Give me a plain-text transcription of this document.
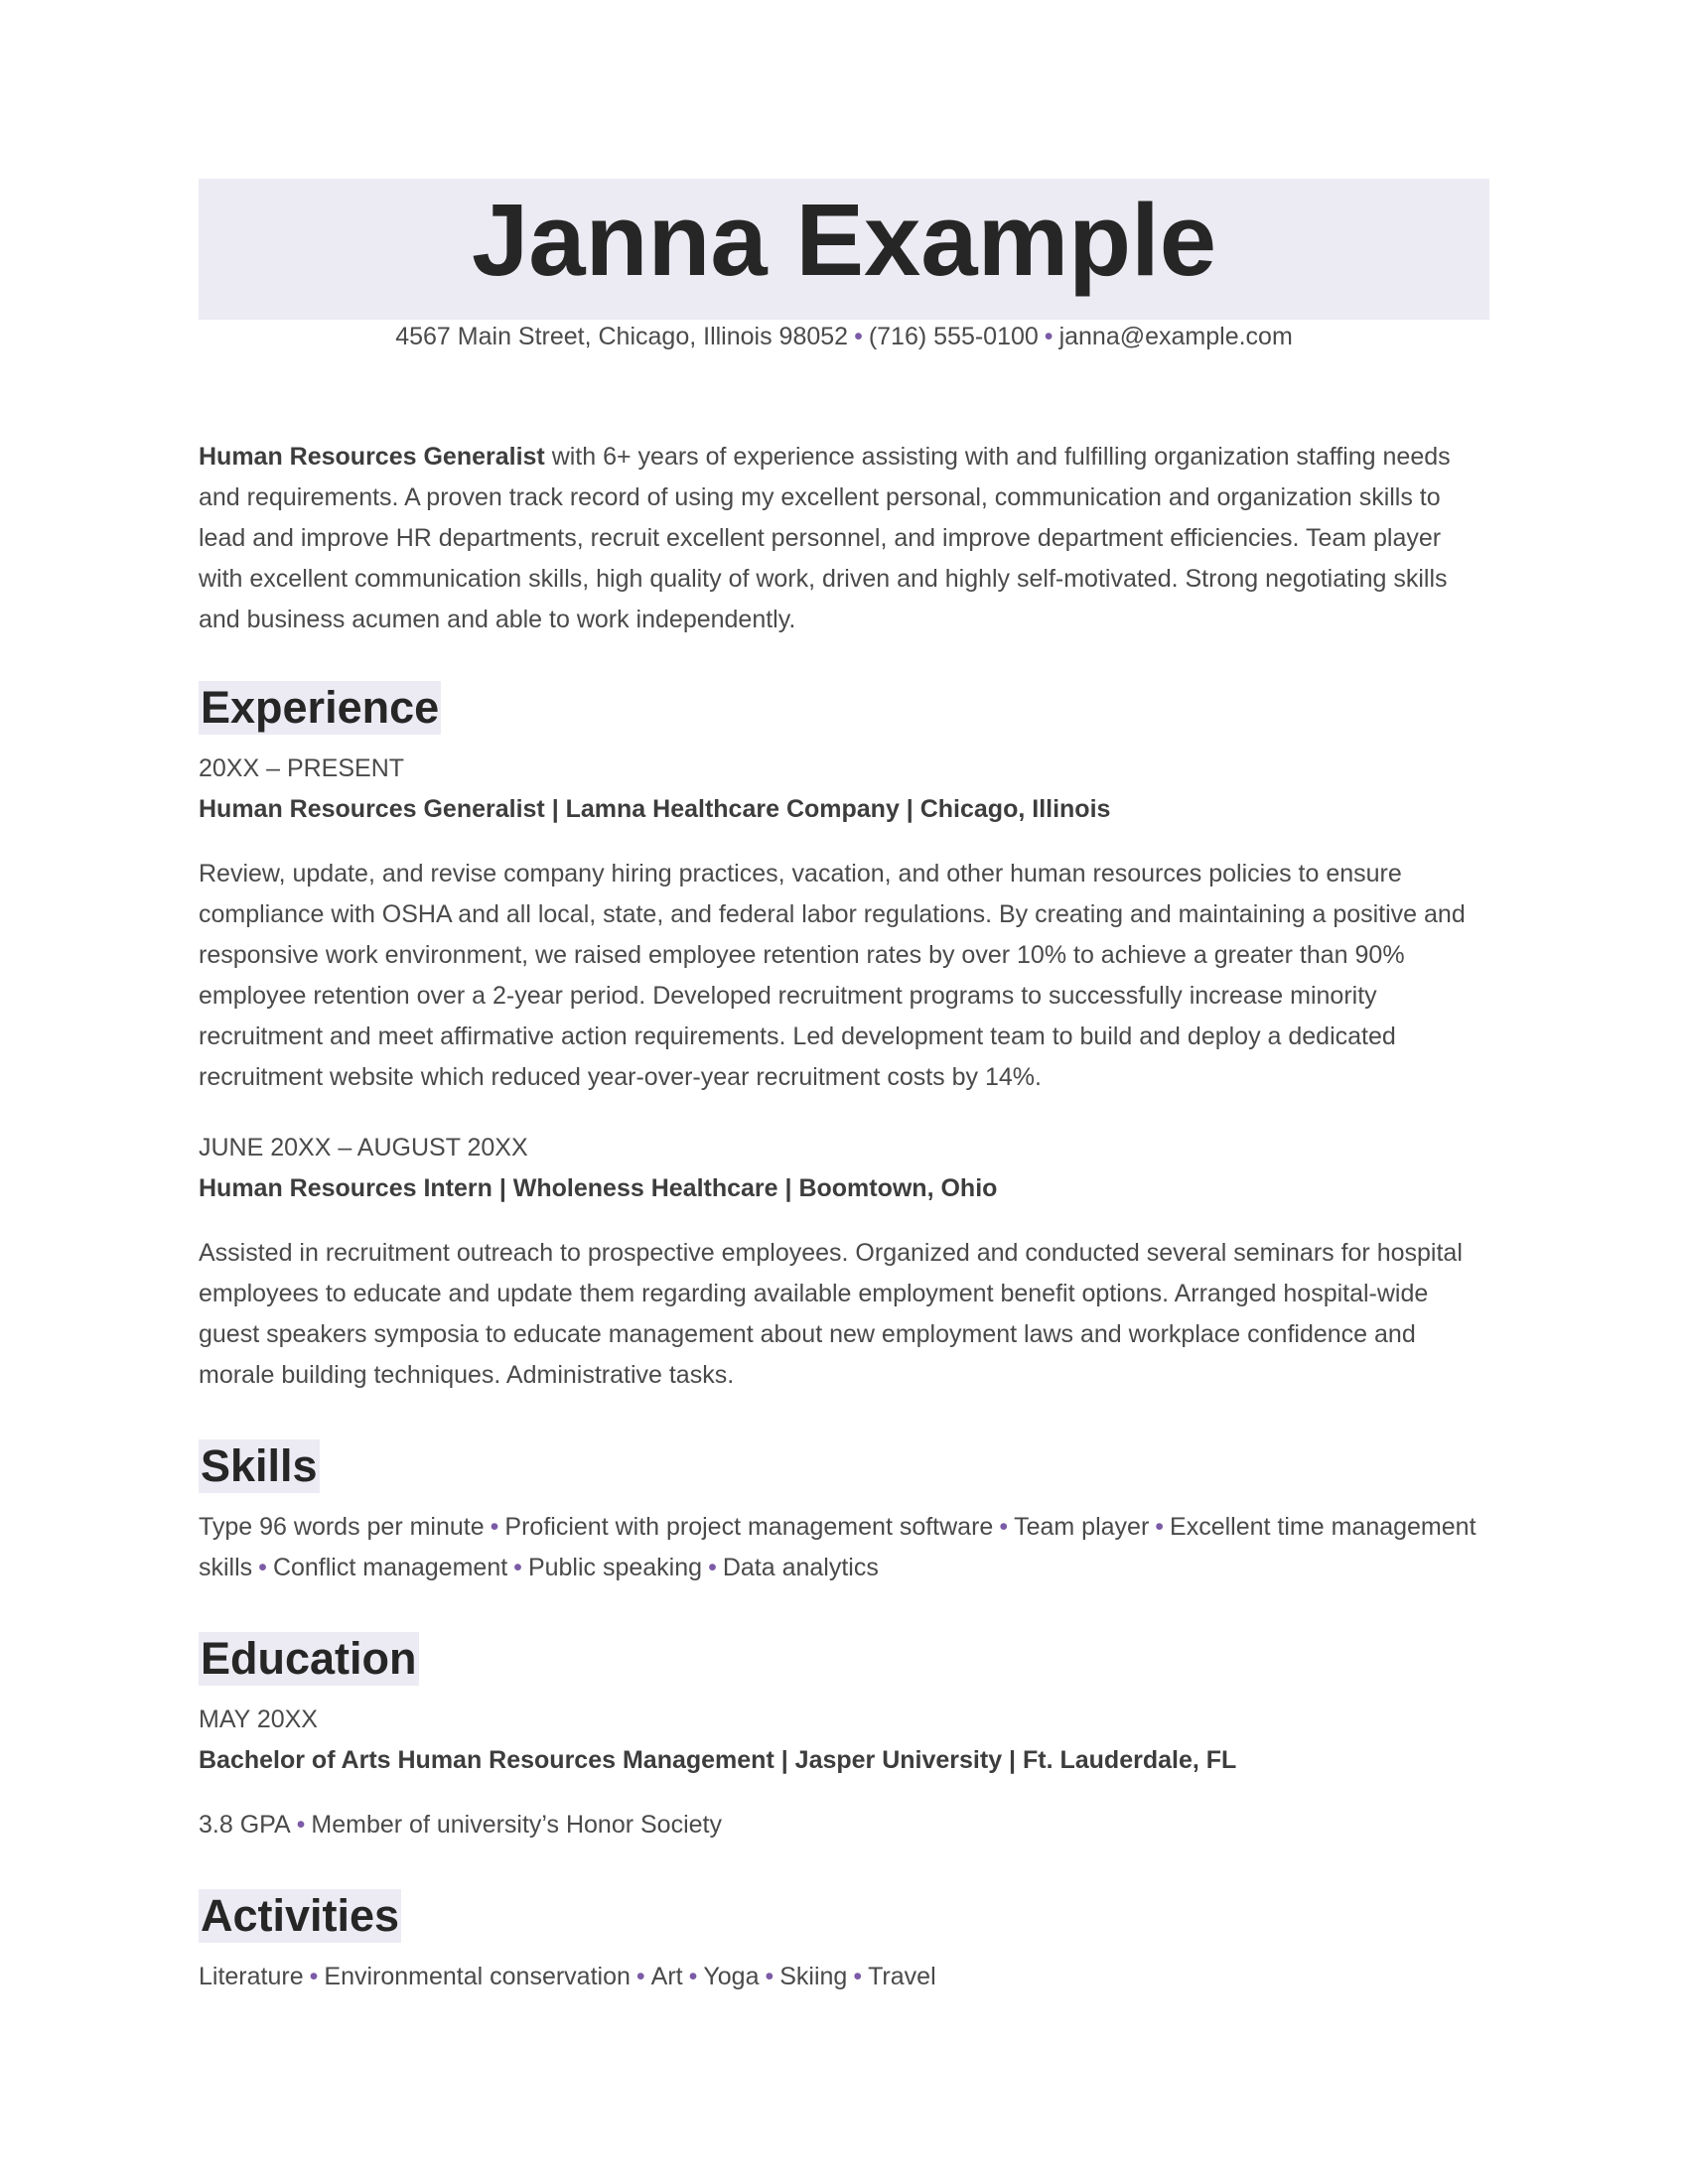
Janna Example
4567 Main Street, Chicago, Illinois 98052 • (716) 555-0100 • janna@example.com
Human Resources Generalist with 6+ years of experience assisting with and fulfilling organization staffing needs and requirements. A proven track record of using my excellent personal, communication and organization skills to lead and improve HR departments, recruit excellent personnel, and improve department efficiencies. Team player with excellent communication skills, high quality of work, driven and highly self-motivated. Strong negotiating skills and business acumen and able to work independently.
Experience
20XX – PRESENT
Human Resources Generalist | Lamna Healthcare Company | Chicago, Illinois
Review, update, and revise company hiring practices, vacation, and other human resources policies to ensure compliance with OSHA and all local, state, and federal labor regulations. By creating and maintaining a positive and responsive work environment, we raised employee retention rates by over 10% to achieve a greater than 90% employee retention over a 2-year period. Developed recruitment programs to successfully increase minority recruitment and meet affirmative action requirements. Led development team to build and deploy a dedicated recruitment website which reduced year-over-year recruitment costs by 14%.
JUNE 20XX – AUGUST 20XX
Human Resources Intern | Wholeness Healthcare | Boomtown, Ohio
Assisted in recruitment outreach to prospective employees. Organized and conducted several seminars for hospital employees to educate and update them regarding available employment benefit options. Arranged hospital-wide guest speakers symposia to educate management about new employment laws and workplace confidence and morale building techniques. Administrative tasks.
Skills
Type 96 words per minute • Proficient with project management software • Team player • Excellent time management skills • Conflict management • Public speaking • Data analytics
Education
MAY 20XX
Bachelor of Arts Human Resources Management | Jasper University | Ft. Lauderdale, FL
3.8 GPA • Member of university’s Honor Society
Activities
Literature • Environmental conservation • Art • Yoga • Skiing • Travel
